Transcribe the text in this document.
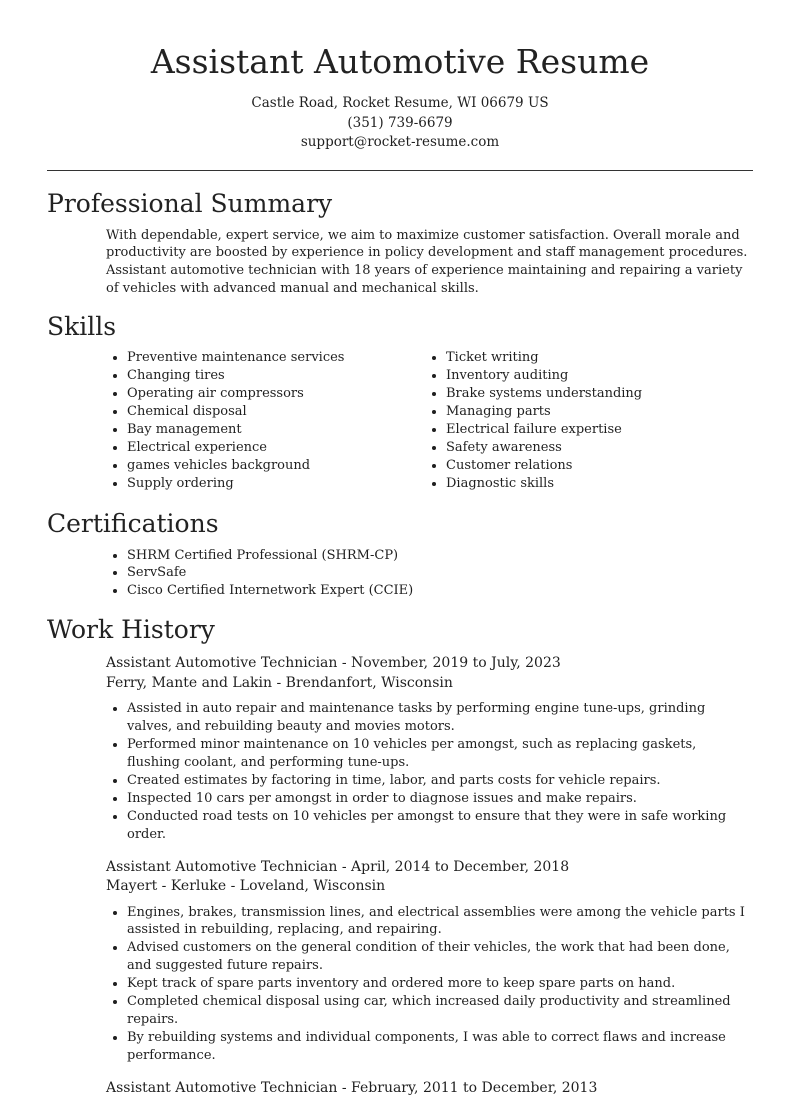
Assistant Automotive Resume
Castle Road, Rocket Resume, WI 06679 US
(351) 739-6679
support@rocket-resume.com
Professional Summary
With dependable, expert service, we aim to maximize customer satisfaction. Overall morale and productivity are boosted by experience in policy development and staff management procedures. Assistant automotive technician with 18 years of experience maintaining and repairing a variety of vehicles with advanced manual and mechanical skills.
Skills
• Preventive maintenance services
• Changing tires
• Operating air compressors
• Chemical disposal
• Bay management
• Electrical experience
• games vehicles background
• Supply ordering
• Ticket writing
• Inventory auditing
• Brake systems understanding
• Managing parts
• Electrical failure expertise
• Safety awareness
• Customer relations
• Diagnostic skills
Certifications
• SHRM Certified Professional (SHRM-CP)
• ServSafe
• Cisco Certified Internetwork Expert (CCIE)
Work History
Assistant Automotive Technician - November, 2019 to July, 2023
Ferry, Mante and Lakin - Brendanfort, Wisconsin
• Assisted in auto repair and maintenance tasks by performing engine tune-ups, grinding valves, and rebuilding beauty and movies motors.
• Performed minor maintenance on 10 vehicles per amongst, such as replacing gaskets, flushing coolant, and performing tune-ups.
• Created estimates by factoring in time, labor, and parts costs for vehicle repairs.
• Inspected 10 cars per amongst in order to diagnose issues and make repairs.
• Conducted road tests on 10 vehicles per amongst to ensure that they were in safe working order.
Assistant Automotive Technician - April, 2014 to December, 2018
Mayert - Kerluke - Loveland, Wisconsin
• Engines, brakes, transmission lines, and electrical assemblies were among the vehicle parts I assisted in rebuilding, replacing, and repairing.
• Advised customers on the general condition of their vehicles, the work that had been done, and suggested future repairs.
• Kept track of spare parts inventory and ordered more to keep spare parts on hand.
• Completed chemical disposal using car, which increased daily productivity and streamlined repairs.
• By rebuilding systems and individual components, I was able to correct flaws and increase performance.
Assistant Automotive Technician - February, 2011 to December, 2013
